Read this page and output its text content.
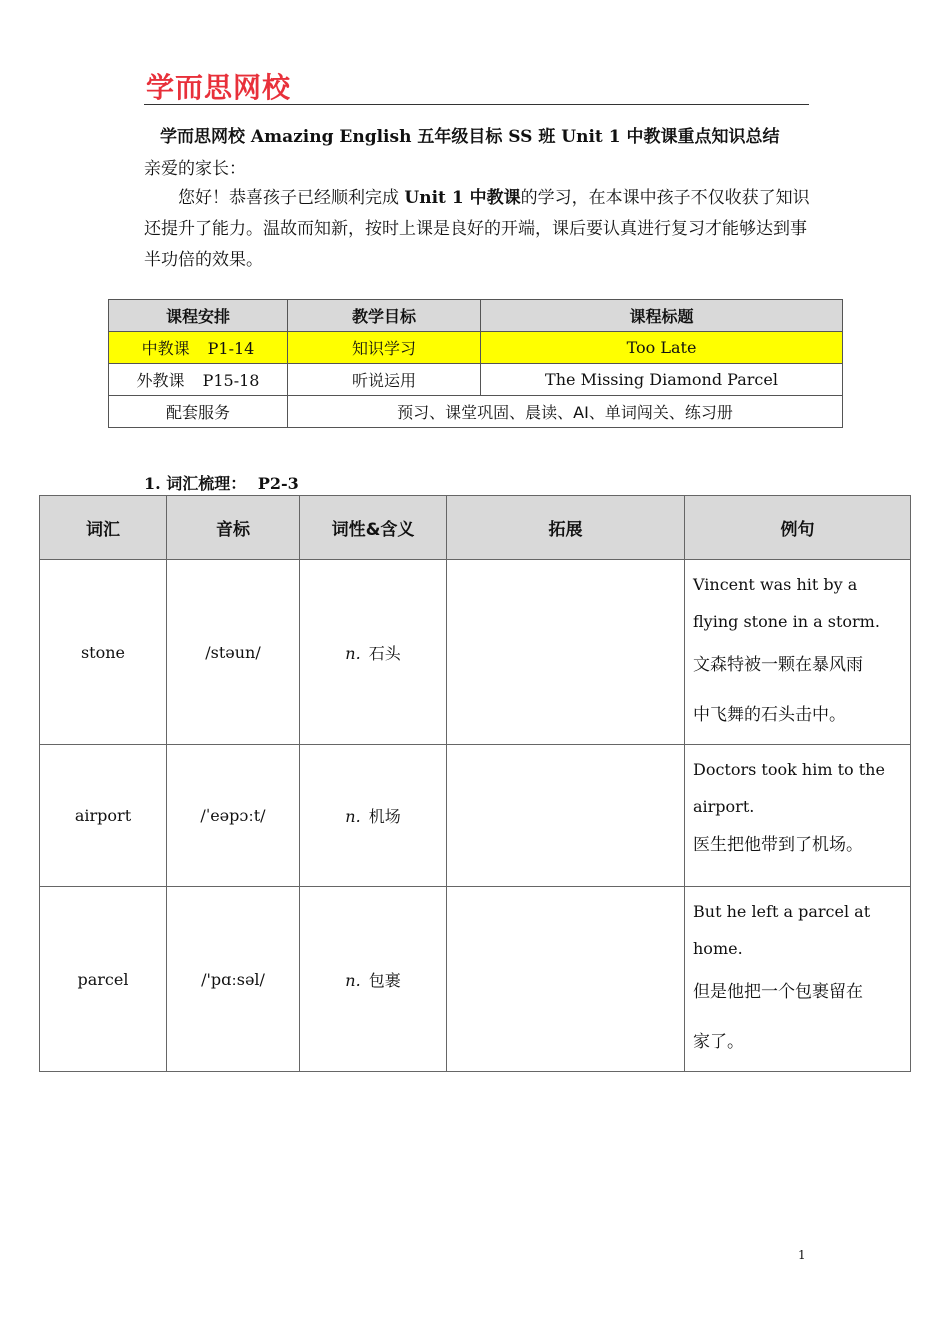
学而思网校
学而思网校 Amazing English 五年级目标 SS 班 Unit 1 中教课重点知识总结
亲爱的家长：
您好！恭喜孩子已经顺利完成 Unit 1 中教课的学习，在本课中孩子不仅收获了知识还提升了能力。温故而知新，按时上课是良好的开端，课后要认真进行复习才能够达到事半功倍的效果。
课程安排	教学目标	课程标题
中教课 P1-14	知识学习	Too Late
外教课 P15-18	听说运用	The Missing Diamond Parcel
配套服务	预习、课堂巩固、晨读、AI、单词闯关、练习册	
1. 词汇梳理： P2-3
词汇	音标	词性&含义	拓展	例句
stone	/stəun/	n. 石头		Vincent was hit by a flying stone in a storm.
文森特被一颗在暴风雨
中飞舞的石头击中。

airport	/ˈeəpɔːt/	n. 机场		Doctors took him to the airport.
医生把他带到了机场。

parcel	/'pɑːsəl/	n. 包裹		But he left a parcel at home.
但是他把一个包裹留在
家了。
1
